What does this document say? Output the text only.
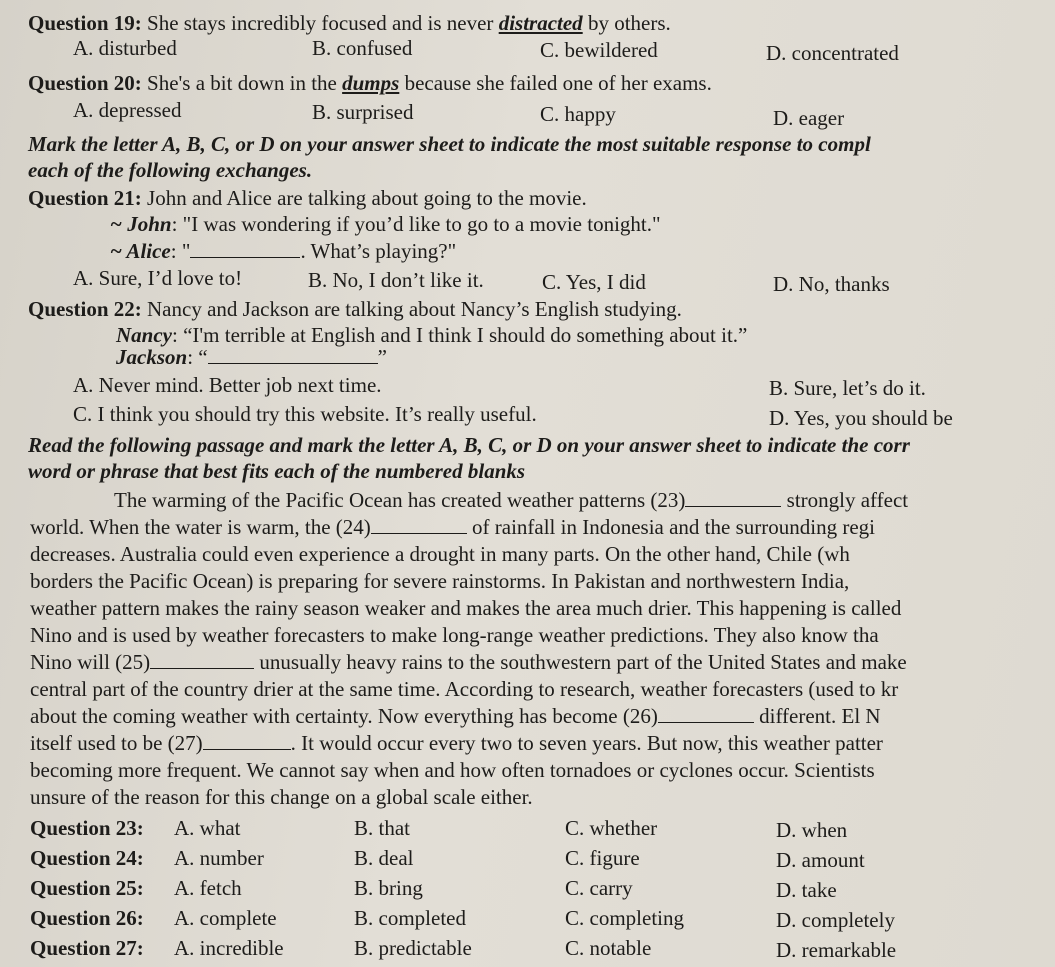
Question 19: She stays incredibly focused and is never distracted by others.
A. disturbed	B. confused	C. bewildered	D. concentrated
Question 20: She's a bit down in the dumps because she failed one of her exams.
A. depressed	B. surprised	C. happy	D. eager
Mark the letter A, B, C, or D on your answer sheet to indicate the most suitable response to compl
each of the following exchanges.
Question 21: John and Alice are talking about going to the movie.
~ John: "I was wondering if you’d like to go to a movie tonight."
~ Alice: "	. What’s playing?"
A. Sure, I’d love to!	B. No, I don’t like it.	C. Yes, I did	D. No, thanks
Question 22: Nancy and Jackson are talking about Nancy’s English studying.
Nancy: “I'm terrible at English and I think I should do something about it.”
Jackson: “	”
A. Never mind. Better job next time.	B. Sure, let’s do it.
C. I think you should try this website. It’s really useful.	D. Yes, you should be
Read the following passage and mark the letter A, B, C, or D on your answer sheet to indicate the corr
word or phrase that best fits each of the numbered blanks
The warming of the Pacific Ocean has created weather patterns (23)	strongly affect
world. When the water is warm, the (24)	of rainfall in Indonesia and the surrounding regi
decreases. Australia could even experience a drought in many parts. On the other hand, Chile (wh
borders the Pacific Ocean) is preparing for severe rainstorms. In Pakistan and northwestern India,
weather pattern makes the rainy season weaker and makes the area much drier. This happening is called
Nino and is used by weather forecasters to make long-range weather predictions. They also know tha
Nino will (25)	unusually heavy rains to the southwestern part of the United States and make
central part of the country drier at the same time. According to research, weather forecasters (used to kr
about the coming weather with certainty. Now everything has become (26)	different. El N
itself used to be (27)	. It would occur every two to seven years. But now, this weather patter
becoming more frequent. We cannot say when and how often tornadoes or cyclones occur. Scientists
unsure of the reason for this change on a global scale either.
Question 23: A. what	B. that	C. whether	D. when
Question 24: A. number	B. deal	C. figure	D. amount
Question 25: A. fetch	B. bring	C. carry	D. take
Question 26: A. complete	B. completed	C. completing	D. completely
Question 27: A. incredible	B. predictable	C. notable	D. remarkable
